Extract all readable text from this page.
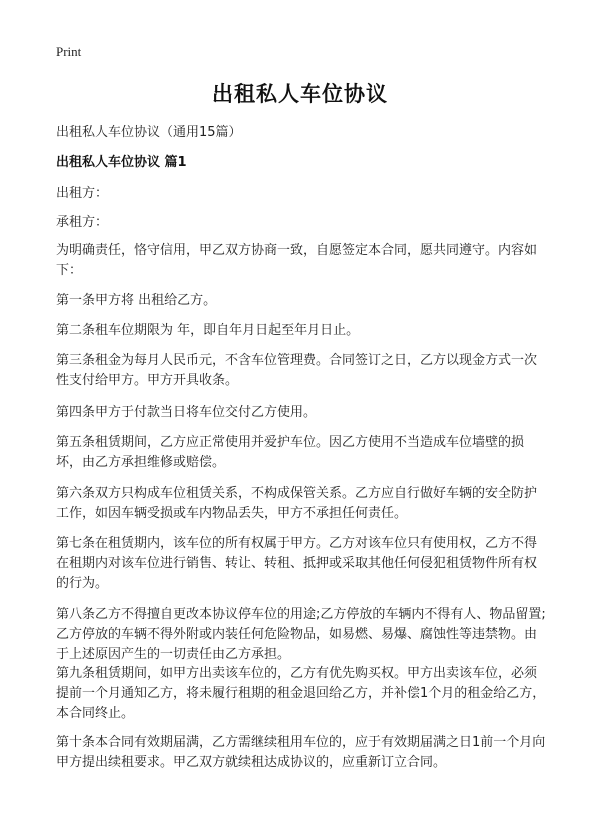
Print
出租私人车位协议
出租私人车位协议（通用15篇）
出租私人车位协议 篇1
出租方：
承租方：

为明确责任，恪守信用，甲乙双方协商一致，自愿签定本合同，愿共同遵守。内容如下：

第一条甲方将 出租给乙方。

第二条租车位期限为 年，即自年月日起至年月日止。

第三条租金为每月人民币元，不含车位管理费。合同签订之日，乙方以现金方式一次性支付给甲方。甲方开具收条。

第四条甲方于付款当日将车位交付乙方使用。

第五条租赁期间，乙方应正常使用并爱护车位。因乙方使用不当造成车位墙壁的损坏，由乙方承担维修或赔偿。

第六条双方只构成车位租赁关系，不构成保管关系。乙方应自行做好车辆的安全防护工作，如因车辆受损或车内物品丢失，甲方不承担任何责任。

第七条在租赁期内，该车位的所有权属于甲方。乙方对该车位只有使用权，乙方不得在租期内对该车位进行销售、转让、转租、抵押或采取其他任何侵犯租赁物件所有权的行为。

第八条乙方不得擅自更改本协议停车位的用途;乙方停放的车辆内不得有人、物品留置;乙方停放的车辆不得外附或内装任何危险物品，如易燃、易爆、腐蚀性等违禁物。由于上述原因产生的一切责任由乙方承担。

第九条租赁期间，如甲方出卖该车位的，乙方有优先购买权。甲方出卖该车位，必须提前一个月通知乙方，将未履行租期的租金退回给乙方，并补偿1个月的租金给乙方，本合同终止。

第十条本合同有效期届满，乙方需继续租用车位的，应于有效期届满之日1前一个月向甲方提出续租要求。甲乙双方就续租达成协议的，应重新订立合同。
